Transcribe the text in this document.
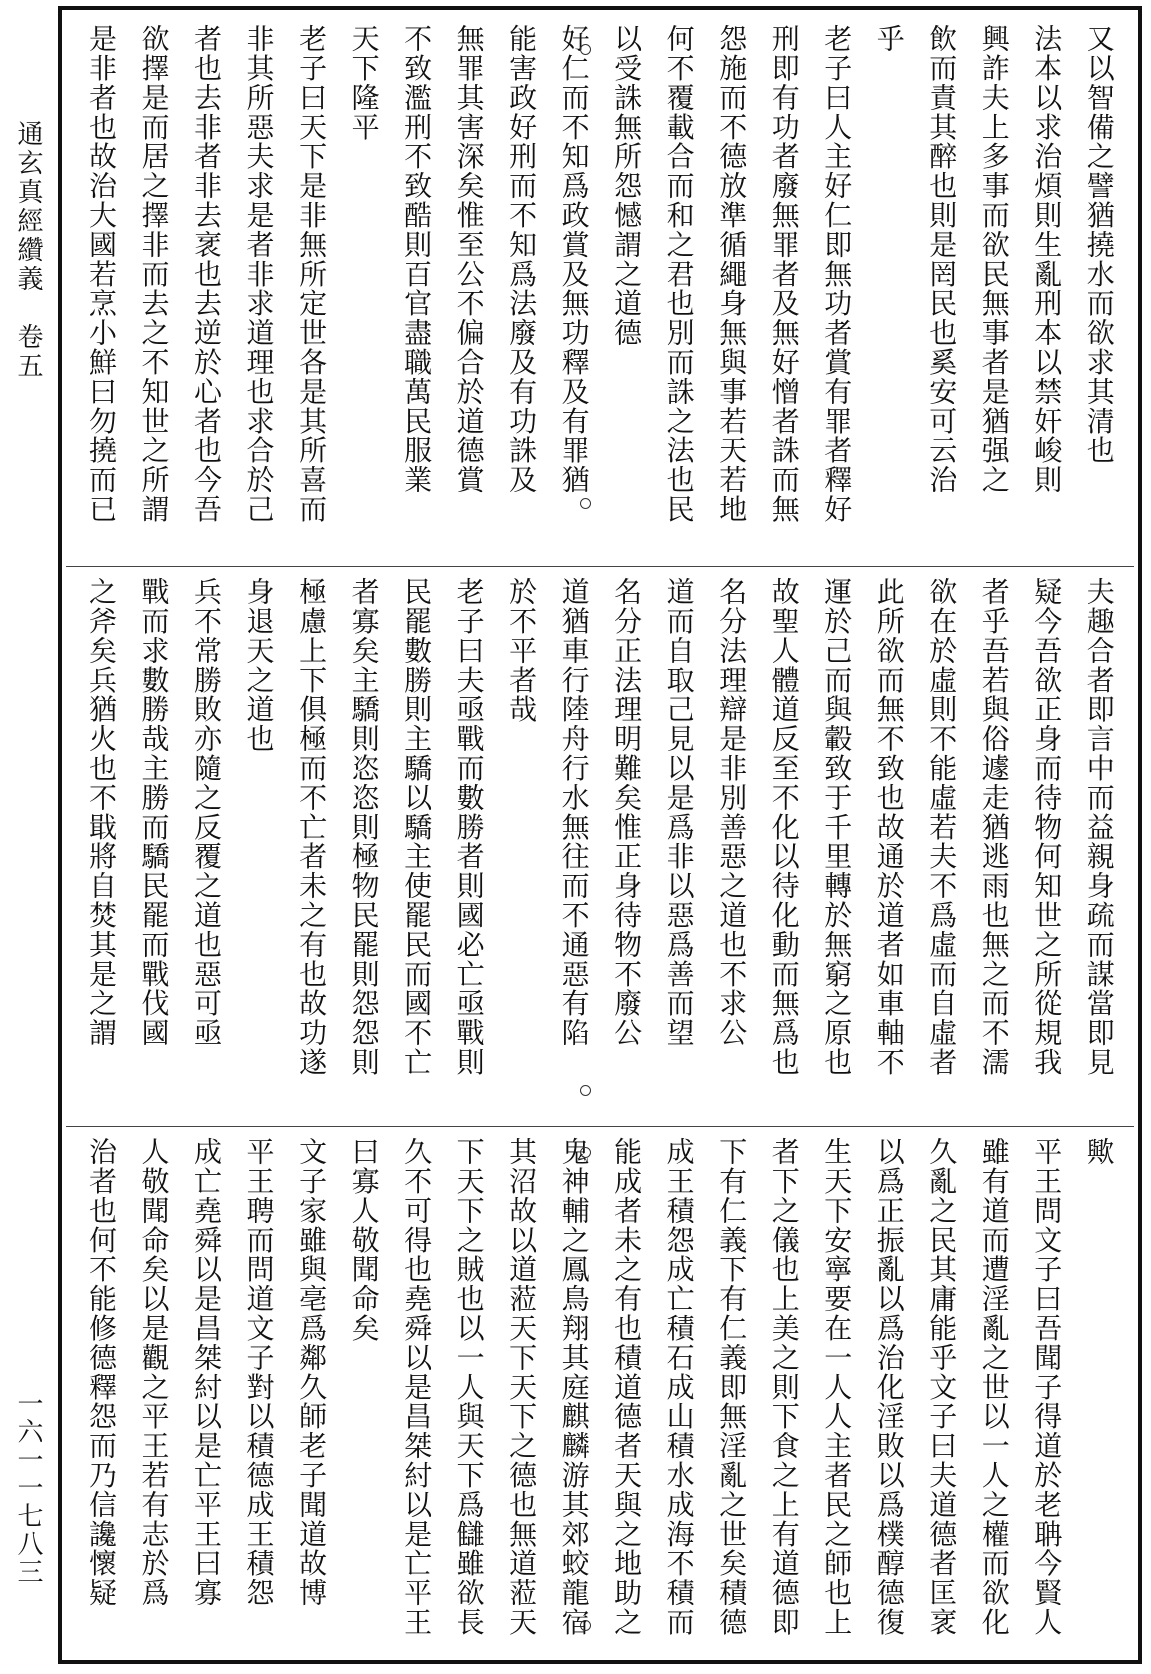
通玄真經纘義　卷五
一六一一七八三
又以智備之譬猶撓水而欲求其清也
法本以求治煩則生亂刑本以禁奸峻則
興詐夫上多事而欲民無事者是猶强之
飲而責其醉也則是罔民也奚安可云治
乎
老子曰人主好仁即無功者賞有罪者釋好
刑即有功者廢無罪者及無好憎者誅而無
怨施而不德放準循繩身無與事若天若地
何不覆載合而和之君也別而誅之法也民
以受誅無所怨憾謂之道德
好仁而不知爲政賞及無功釋及有罪猶
能害政好刑而不知爲法廢及有功誅及
無罪其害深矣惟至公不偏合於道德賞
不致濫刑不致酷則百官盡職萬民服業
天下隆平
老子曰天下是非無所定世各是其所喜而
非其所惡夫求是者非求道理也求合於己
者也去非者非去衺也去逆於心者也今吾
欲擇是而居之擇非而去之不知世之所謂
是非者也故治大國若烹小鮮曰勿撓而已
夫趣合者即言中而益親身疏而謀當即見
疑今吾欲正身而待物何知世之所從規我
者乎吾若與俗遽走猶逃雨也無之而不濡
欲在於虛則不能虛若夫不爲虛而自虛者
此所欲而無不致也故通於道者如車軸不
運於己而與轂致于千里轉於無窮之原也
故聖人體道反至不化以待化動而無爲也
名分法理辯是非別善惡之道也不求公
道而自取己見以是爲非以惡爲善而望
名分正法理明難矣惟正身待物不廢公
道猶車行陸舟行水無往而不通惡有陷
於不平者哉
老子曰夫亟戰而數勝者則國必亡亟戰則
民罷數勝則主驕以驕主使罷民而國不亡
者寡矣主驕則恣恣則極物民罷則怨怨則
極慮上下俱極而不亡者未之有也故功遂
身退天之道也
兵不常勝敗亦隨之反覆之道也惡可亟
戰而求數勝哉主勝而驕民罷而戰伐國
之斧矣兵猶火也不戢將自焚其是之謂
歟
平王問文子曰吾聞子得道於老聃今賢人
雖有道而遭淫亂之世以一人之權而欲化
久亂之民其庸能乎文子曰夫道德者匡衺
以爲正振亂以爲治化淫敗以爲樸醇德復
生天下安寧要在一人人主者民之師也上
者下之儀也上美之則下食之上有道德即
下有仁義下有仁義即無淫亂之世矣積德
成王積怨成亡積石成山積水成海不積而
能成者未之有也積道德者天與之地助之
鬼神輔之鳳鳥翔其庭麒麟游其郊蛟龍宿
其沼故以道蒞天下天下之德也無道蒞天
下天下之賊也以一人與天下爲讎雖欲長
久不可得也堯舜以是昌桀紂以是亡平王
曰寡人敬聞命矣
文子家雖與亳爲鄰久師老子聞道故博
平王聘而問道文子對以積德成王積怨
成亡堯舜以是昌桀紂以是亡平王曰寡
人敬聞命矣以是觀之平王若有志於爲
治者也何不能修德釋怨而乃信讒懷疑
